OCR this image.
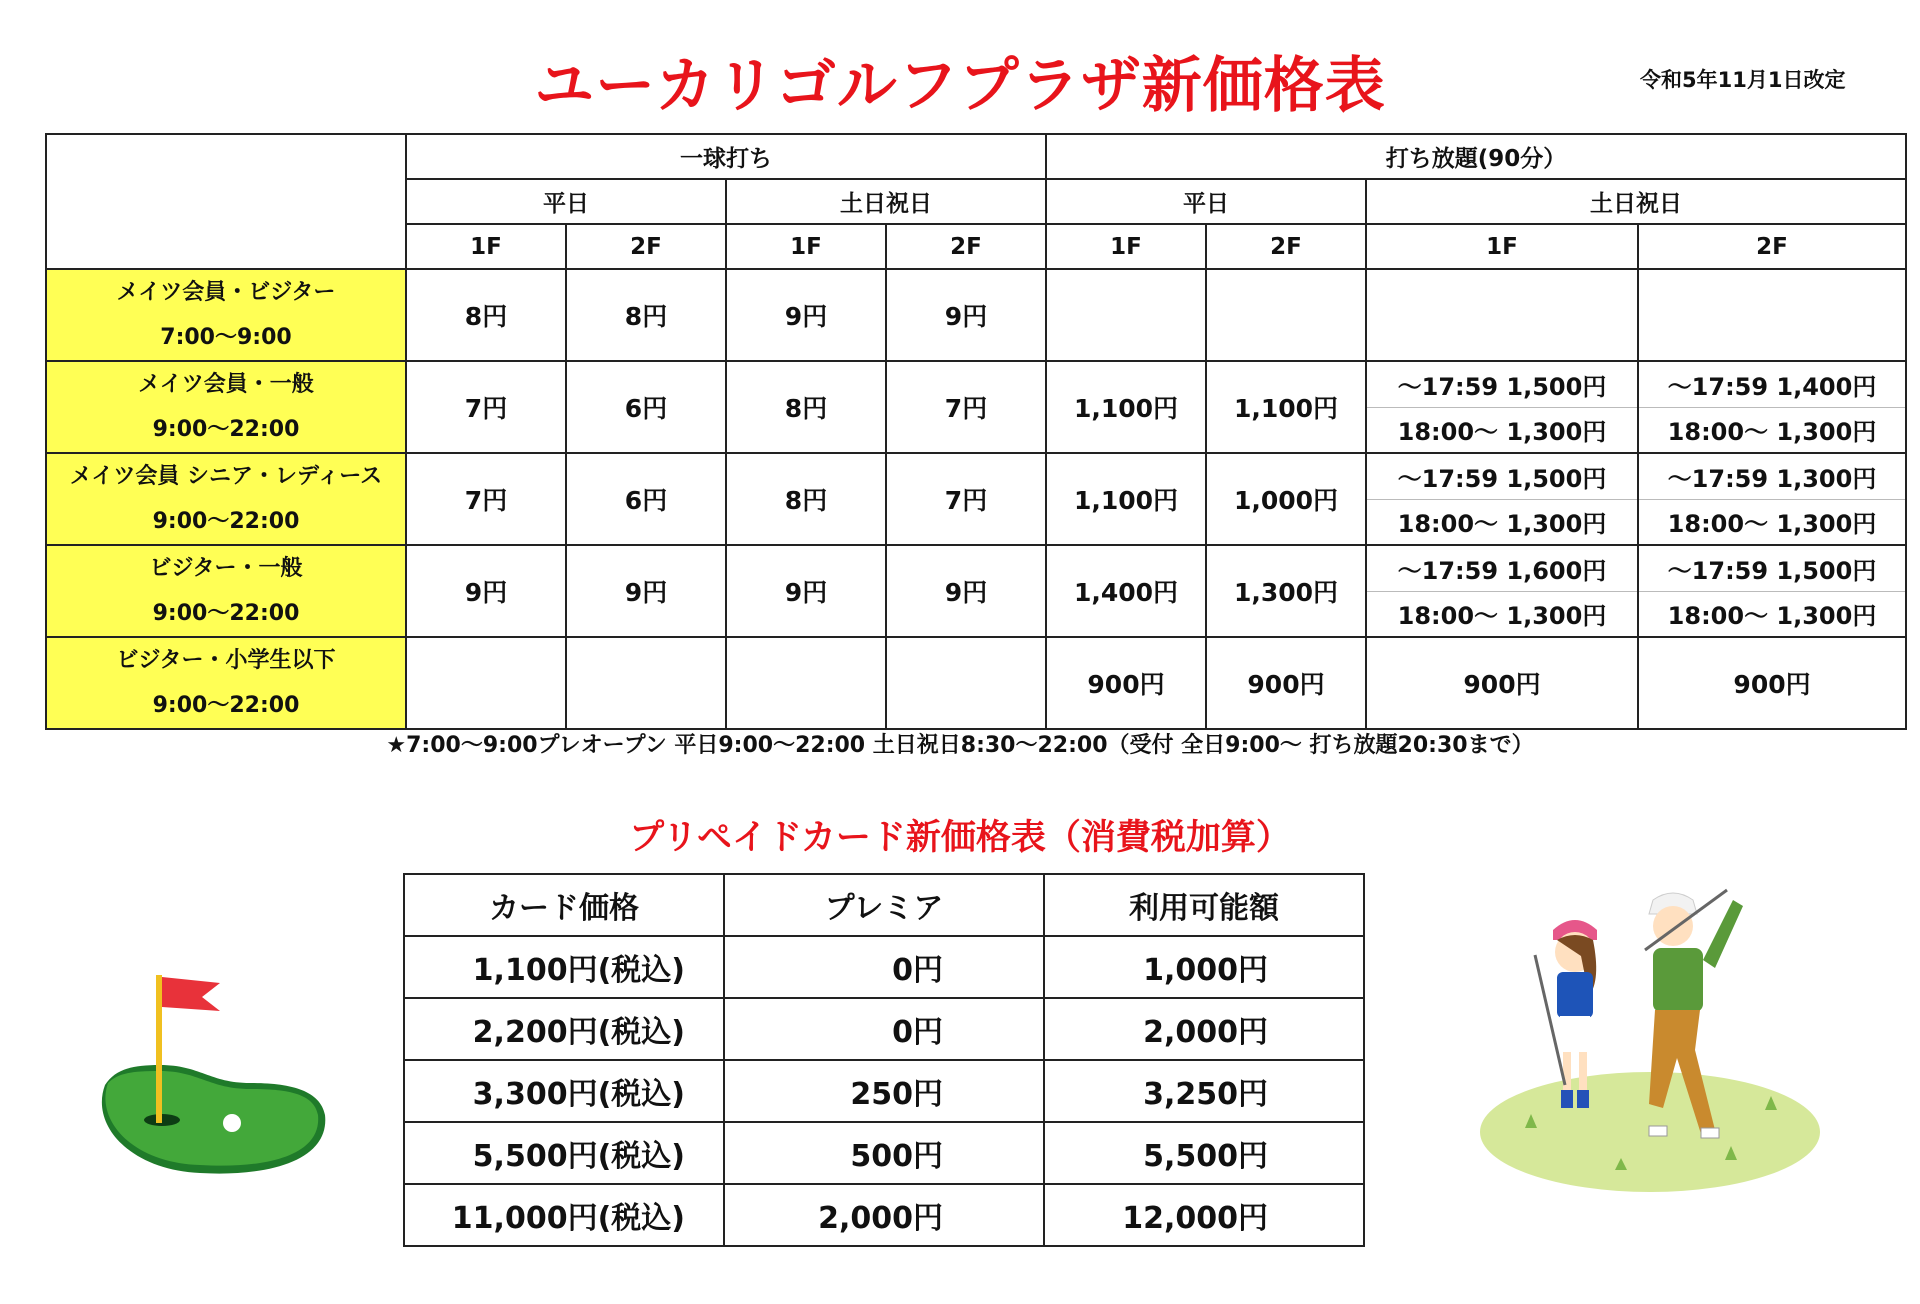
ユーカリゴルフプラザ新価格表	令和5年11月1日改定
	一球打ち				打ち放題(90分）			
	平日		土日祝日		平日		土日祝日	
	1F	2F	1F	2F	1F	2F	1F	2F

メイツ会員・ビジター
7:00～9:00	8円	8円	9円	9円				

メイツ会員・一般
9:00～22:00	7円	6円	8円	7円	1,100円	1,100円	～17:59 1,500円	～17:59 1,400円
							18:00～ 1,300円	18:00～ 1,300円

メイツ会員 シニア・レディース
9:00～22:00	7円	6円	8円	7円	1,100円	1,000円	～17:59 1,500円	～17:59 1,300円
							18:00～ 1,300円	18:00～ 1,300円

ビジター・一般
9:00～22:00	9円	9円	9円	9円	1,400円	1,300円	～17:59 1,600円	～17:59 1,500円
							18:00～ 1,300円	18:00～ 1,300円

ビジター・小学生以下
9:00～22:00					900円	900円	900円	900円

★7:00～9:00プレオープン 平日9:00～22:00 土日祝日8:30～22:00（受付 全日9:00～ 打ち放題20:30まで）
プリペイドカード新価格表（消費税加算）
カード価格	プレミア	利用可能額
1,100円(税込)	0円	1,000円
2,200円(税込)	0円	2,000円
3,300円(税込)	250円	3,250円
5,500円(税込)	500円	5,500円
11,000円(税込)	2,000円	12,000円
